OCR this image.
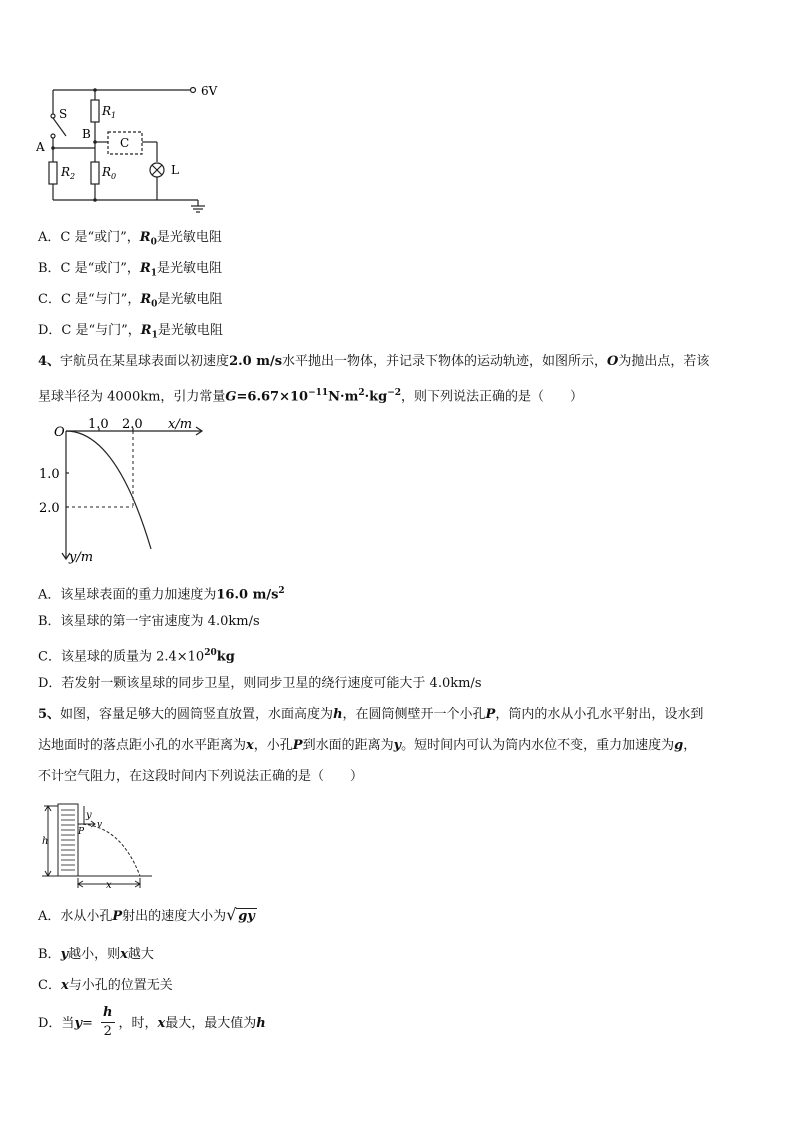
6V
S
A
B
C
L
$R_1$
$R_2$ $R_0$
A．C 是“或门”，$R_0$是光敏电阻
B．C 是“或门”，$R_1$是光敏电阻
C．C 是“与门”，$R_0$是光敏电阻
D．C 是“与门”，$R_1$是光敏电阻
4、宇航员在某星球表面以初速度2.0 m/s水平抛出一物体，并记录下物体的运动轨迹，如图所示，O为抛出点，若该
星球半径为 4000km，引力常量$G=6.67\times 10^{-11}N\cdot m^2\cdot kg^{-2}$，则下列说法正确的是（　　）
O
1.0 2.0 x/m
1.0
2.0
y/m
A．该星球表面的重力加速度为16.0 $m/s^2$
B．该星球的第一宇宙速度为 4.0km/s
C．该星球的质量为 $2.4\times 10^{20}kg$
D．若发射一颗该星球的同步卫星，则同步卫星的绕行速度可能大于 4.0km/s
5、如图，容量足够大的圆筒竖直放置，水面高度为h，在圆筒侧壁开一个小孔P，筒内的水从小孔水平射出，设水到
达地面时的落点距小孔的水平距离为x，小孔P到水面的距离为y。短时间内可认为筒内水位不变，重力加速度为g，
不计空气阻力，在这段时间内下列说法正确的是（　　）
y
v
P
h
x
A．水从小孔P射出的速度大小为 √ gy
B．y越小，则x越大
C．x与小孔的位置无关
D．当$y= \frac{h}{2}$ ，时，x最大，最大值为h
